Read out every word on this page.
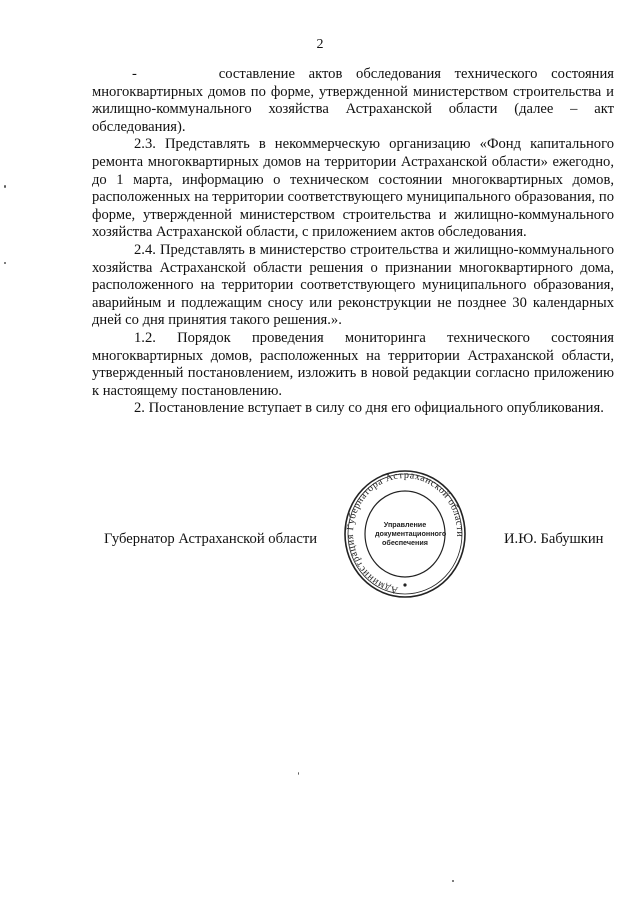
2

-      составление актов обследования технического состояния многоквартирных домов по форме, утвержденной министерством строительства и жилищно-коммунального хозяйства Астраханской области (далее – акт обследования).

2.3. Представлять в некоммерческую организацию «Фонд капитального ремонта многоквартирных домов на территории Астраханской области» ежегодно, до 1 марта, информацию о техническом состоянии многоквартирных домов, расположенных на территории соответствующего муниципального образования, по форме, утвержденной министерством строительства и жилищно-коммунального хозяйства Астраханской области, с приложением актов обследования.

2.4. Представлять в министерство строительства и жилищно-коммунального хозяйства Астраханской области решения о признании многоквартирного дома, расположенного на территории соответствующего муниципального образования, аварийным и подлежащим сносу или реконструкции не позднее 30 календарных дней со дня принятия такого решения.».

1.2. Порядок проведения мониторинга технического состояния многоквартирных домов, расположенных на территории Астраханской области, утвержденный постановлением, изложить в новой редакции согласно приложению к настоящему постановлению.

2. Постановление вступает в силу со дня его официального опубликования.

Губернатор Астраханской области	И.Ю. Бабушкин
Администрация Губернатора Астраханской области
Управление документационного обеспечения
